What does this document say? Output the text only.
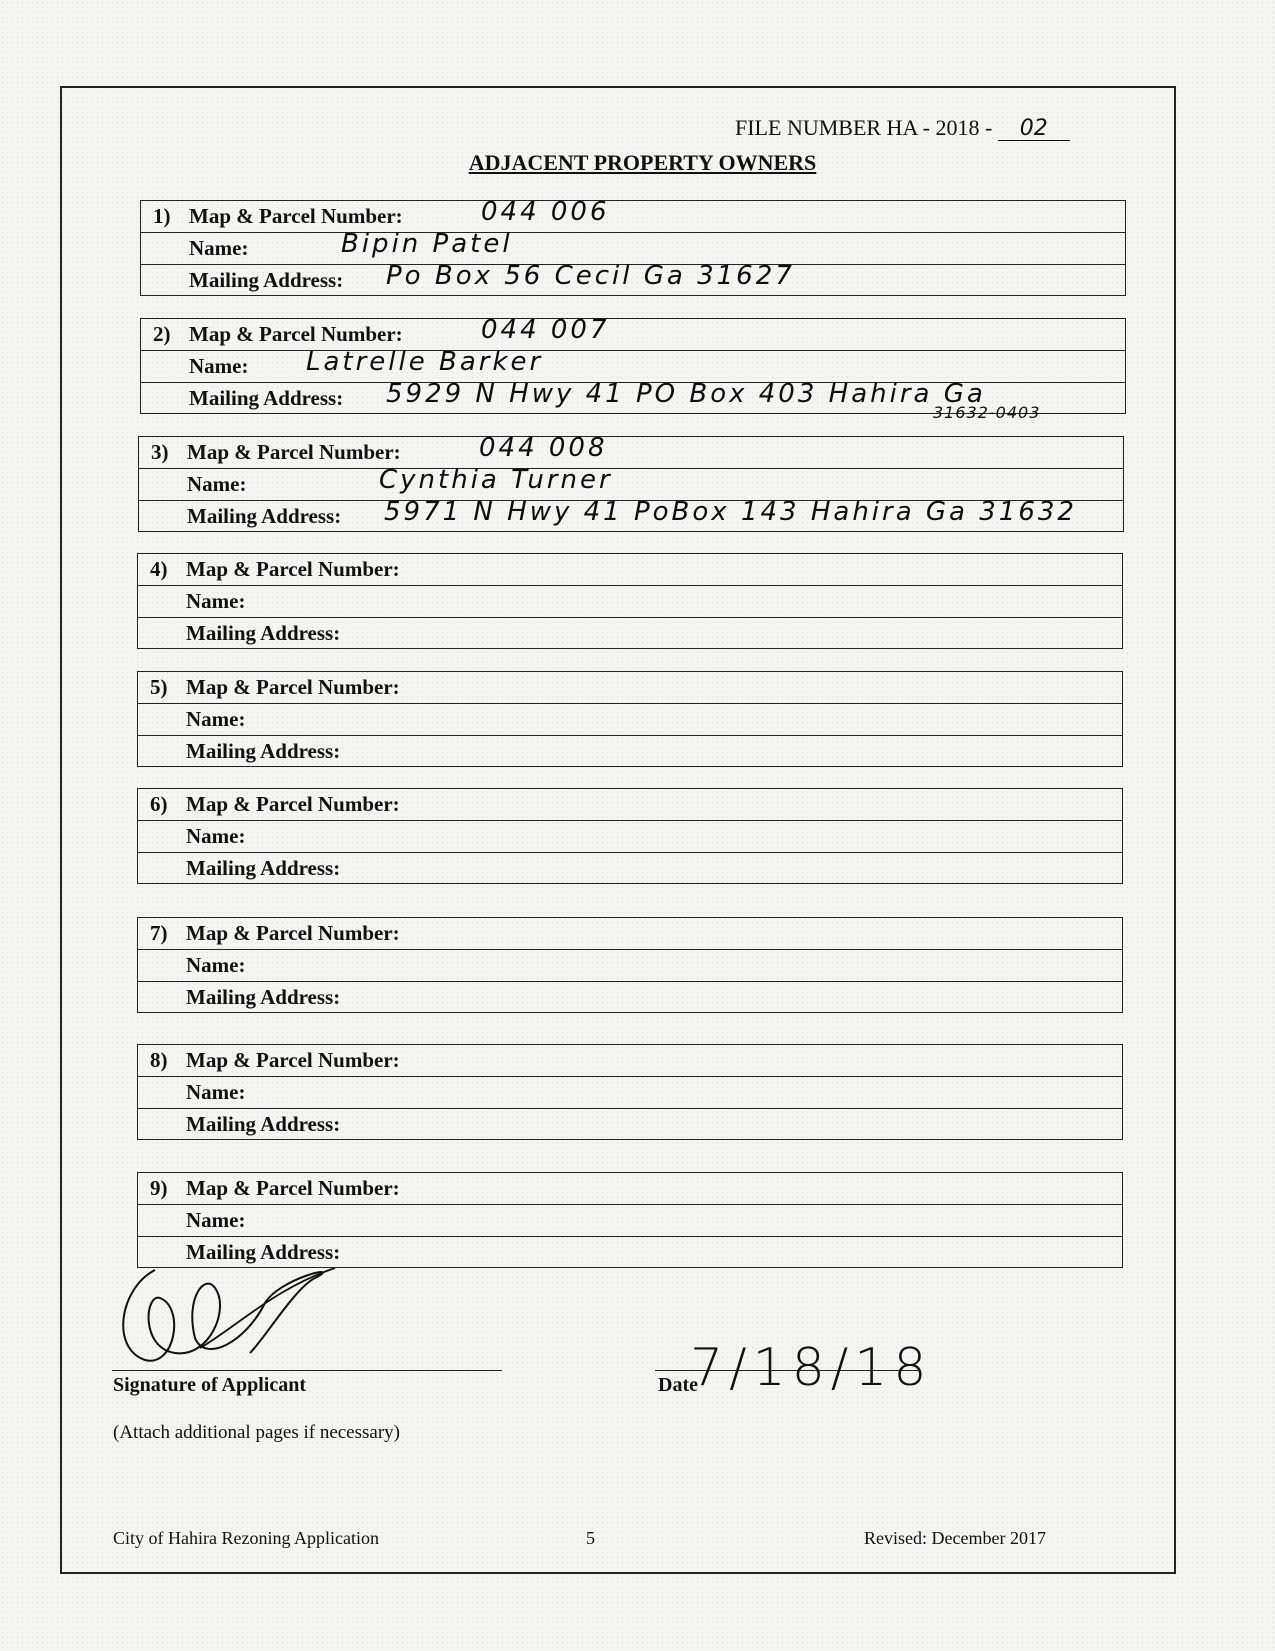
FILE NUMBER HA - 2018 - 02
ADJACENT PROPERTY OWNERS
1) Map & Parcel Number:	044 006
Name:	Bipin Patel
Mailing Address: Po Box 56 Cecil Ga 31627
2) Map & Parcel Number:	044 007
Name: Latrelle Barker
Mailing Address: 5929 N Hwy 41 PO Box 403 Hahira Ga
31632-0403
3) Map & Parcel Number:	044 008
Name:	Cynthia Turner
Mailing Address: 5971 N Hwy 41 PoBox 143 Hahira Ga 31632
4) Map & Parcel Number:
Name:
Mailing Address:
5) Map & Parcel Number:
Name:
Mailing Address:
6) Map & Parcel Number:
Name:
Mailing Address:
7) Map & Parcel Number:
Name:
Mailing Address:
8) Map & Parcel Number:
Name:
Mailing Address:
9) Map & Parcel Number:
Name:
Mailing Address:
Signature of Applicant	7/18/18
Date
(Attach additional pages if necessary)
City of Hahira Rezoning Application	5	Revised: December 2017
